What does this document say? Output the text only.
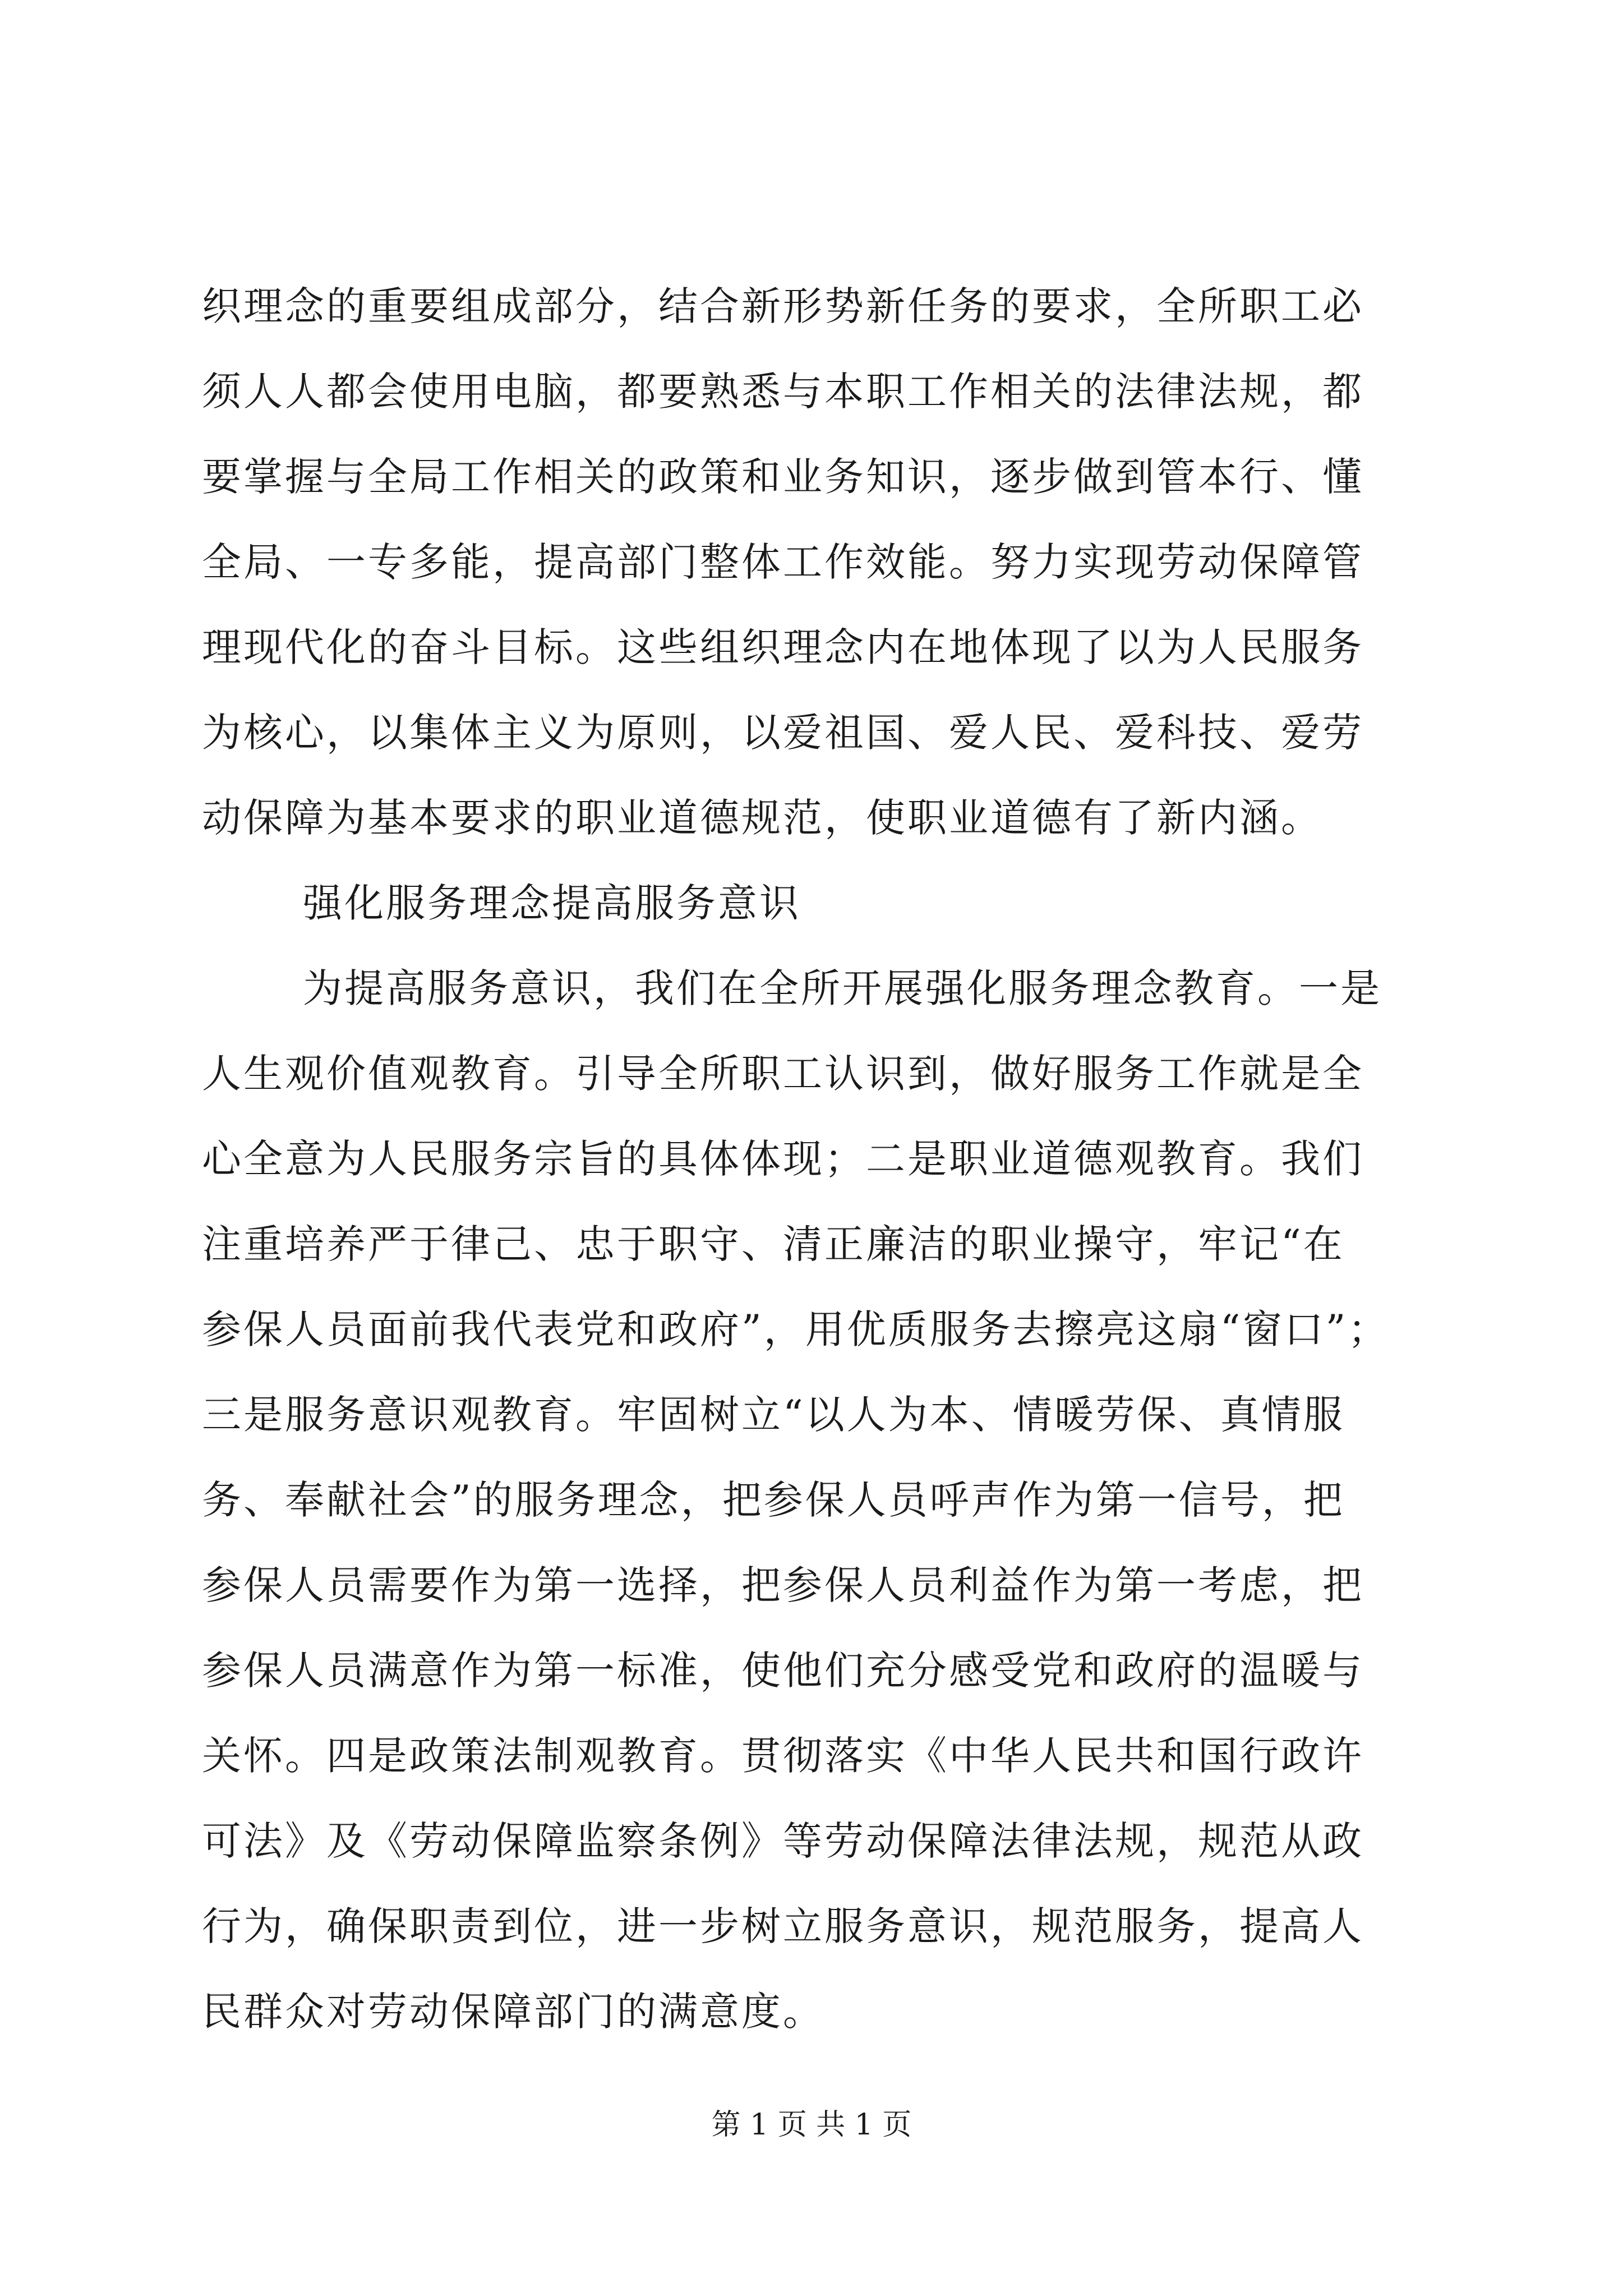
织理念的重要组成部分，结合新形势新任务的要求，全所职工必
须人人都会使用电脑，都要熟悉与本职工作相关的法律法规，都
要掌握与全局工作相关的政策和业务知识，逐步做到管本行、懂
全局、一专多能，提高部门整体工作效能。努力实现劳动保障管
理现代化的奋斗目标。这些组织理念内在地体现了以为人民服务
为核心，以集体主义为原则，以爱祖国、爱人民、爱科技、爱劳
动保障为基本要求的职业道德规范，使职业道德有了新内涵。
强化服务理念提高服务意识
为提高服务意识，我们在全所开展强化服务理念教育。一是
人生观价值观教育。引导全所职工认识到，做好服务工作就是全
心全意为人民服务宗旨的具体体现；二是职业道德观教育。我们
注重培养严于律己、忠于职守、清正廉洁的职业操守，牢记“在
参保人员面前我代表党和政府”，用优质服务去擦亮这扇“窗口”；
三是服务意识观教育。牢固树立“以人为本、情暖劳保、真情服
务、奉献社会”的服务理念，把参保人员呼声作为第一信号，把
参保人员需要作为第一选择，把参保人员利益作为第一考虑，把
参保人员满意作为第一标准，使他们充分感受党和政府的温暖与
关怀。四是政策法制观教育。贯彻落实《中华人民共和国行政许
可法》及《劳动保障监察条例》等劳动保障法律法规，规范从政
行为，确保职责到位，进一步树立服务意识，规范服务，提高人
民群众对劳动保障部门的满意度。
第 1 页 共 1 页
